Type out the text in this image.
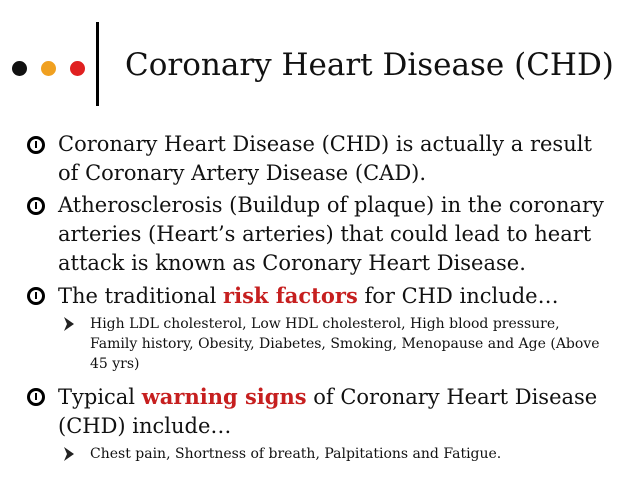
Coronary Heart Disease (CHD)
Coronary Heart Disease (CHD) is actually a result of Coronary Artery Disease (CAD).
Atherosclerosis (Buildup of plaque) in the coronary arteries (Heart’s arteries) that could lead to heart attack is known as Coronary Heart Disease.
The traditional risk factors for CHD include…
High LDL cholesterol, Low HDL cholesterol, High blood pressure, Family history, Obesity, Diabetes, Smoking, Menopause and Age (Above 45 yrs)
Typical warning signs of Coronary Heart Disease (CHD) include…
Chest pain, Shortness of breath, Palpitations and Fatigue.
